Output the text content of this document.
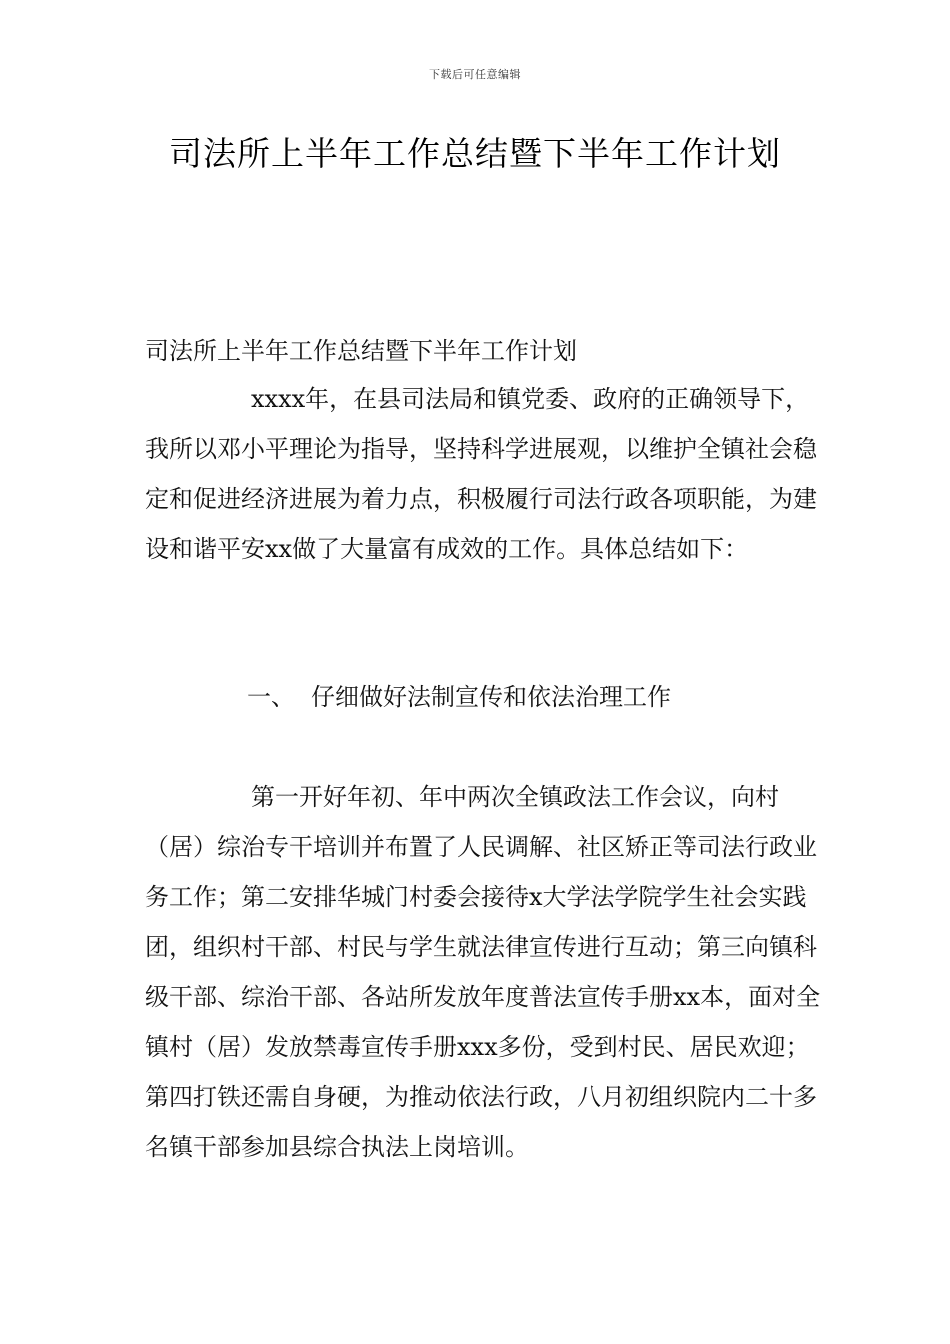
下载后可任意编辑
司法所上半年工作总结暨下半年工作计划

司法所上半年工作总结暨下半年工作计划

xxxx年，在县司法局和镇党委、政府的正确领导下，我所以邓小平理论为指导，坚持科学进展观，以维护全镇社会稳定和促进经济进展为着力点，积极履行司法行政各项职能，为建设和谐平安xx做了大量富有成效的工作。具体总结如下：

一、 仔细做好法制宣传和依法治理工作

第一开好年初、年中两次全镇政法工作会议，向村（居）综治专干培训并布置了人民调解、社区矫正等司法行政业务工作；第二安排华城门村委会接待x大学法学院学生社会实践团，组织村干部、村民与学生就法律宣传进行互动；第三向镇科级干部、综治干部、各站所发放年度普法宣传手册xx本，面对全镇村（居）发放禁毒宣传手册xxx多份，受到村民、居民欢迎；第四打铁还需自身硬，为推动依法行政，八月初组织院内二十多名镇干部参加县综合执法上岗培训。
